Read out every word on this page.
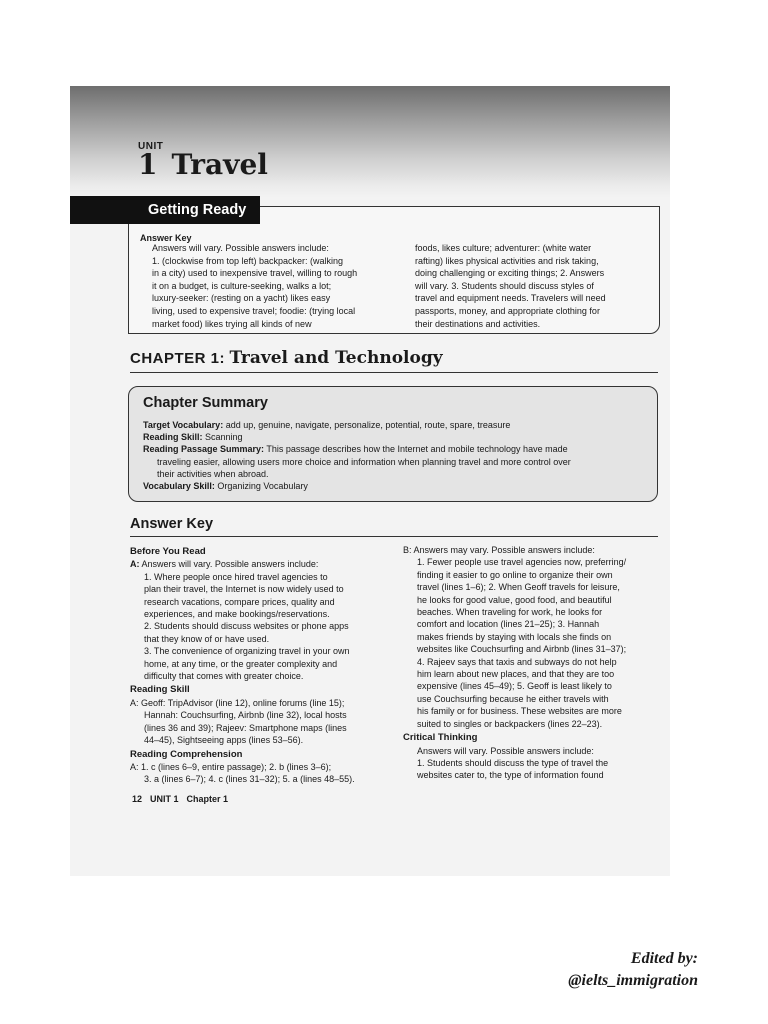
UNIT
1 Travel
Getting Ready
Answer Key

Answers will vary. Possible answers include:

1. (clockwise from top left) backpacker: (walking

in a city) used to inexpensive travel, willing to rough

it on a budget, is culture-seeking, walks a lot;

luxury-seeker: (resting on a yacht) likes easy

living, used to expensive travel; foodie: (trying local

market food) likes trying all kinds of new

foods, likes culture; adventurer: (white water

rafting) likes physical activities and risk taking,

doing challenging or exciting things; 2. Answers

will vary. 3. Students should discuss styles of

travel and equipment needs. Travelers will need

passports, money, and appropriate clothing for

their destinations and activities.

CHAPTER 1: Travel and Technology
Chapter Summary

Target Vocabulary: add up, genuine, navigate, personalize, potential, route, spare, treasure

Reading Skill: Scanning

Reading Passage Summary: This passage describes how the Internet and mobile technology have made

traveling easier, allowing users more choice and information when planning travel and more control over

their activities when abroad.

Vocabulary Skill: Organizing Vocabulary

Answer Key
Before You Read

A: Answers will vary. Possible answers include:

1. Where people once hired travel agencies to

plan their travel, the Internet is now widely used to

research vacations, compare prices, quality and

experiences, and make bookings/reservations.

2. Students should discuss websites or phone apps

that they know of or have used.

3. The convenience of organizing travel in your own

home, at any time, or the greater complexity and

difficulty that comes with greater choice.

Reading Skill

A: Geoff: TripAdvisor (line 12), online forums (line 15);

Hannah: Couchsurfing, Airbnb (line 32), local hosts

(lines 36 and 39); Rajeev: Smartphone maps (lines

44–45), Sightseeing apps (lines 53–56).

Reading Comprehension

A: 1. c (lines 6–9, entire passage); 2. b (lines 3–6);

3. a (lines 6–7); 4. c (lines 31–32); 5. a (lines 48–55).

B: Answers may vary. Possible answers include:

1. Fewer people use travel agencies now, preferring/

finding it easier to go online to organize their own

travel (lines 1–6); 2. When Geoff travels for leisure,

he looks for good value, good food, and beautiful

beaches. When traveling for work, he looks for

comfort and location (lines 21–25); 3. Hannah

makes friends by staying with locals she finds on

websites like Couchsurfing and Airbnb (lines 31–37);

4. Rajeev says that taxis and subways do not help

him learn about new places, and that they are too

expensive (lines 45–49); 5. Geoff is least likely to

use Couchsurfing because he either travels with

his family or for business. These websites are more

suited to singles or backpackers (lines 22–23).

Critical Thinking

Answers will vary. Possible answers include:

1. Students should discuss the type of travel the

websites cater to, the type of information found

12 UNIT 1 Chapter 1
Edited by:
@ielts_immigration
